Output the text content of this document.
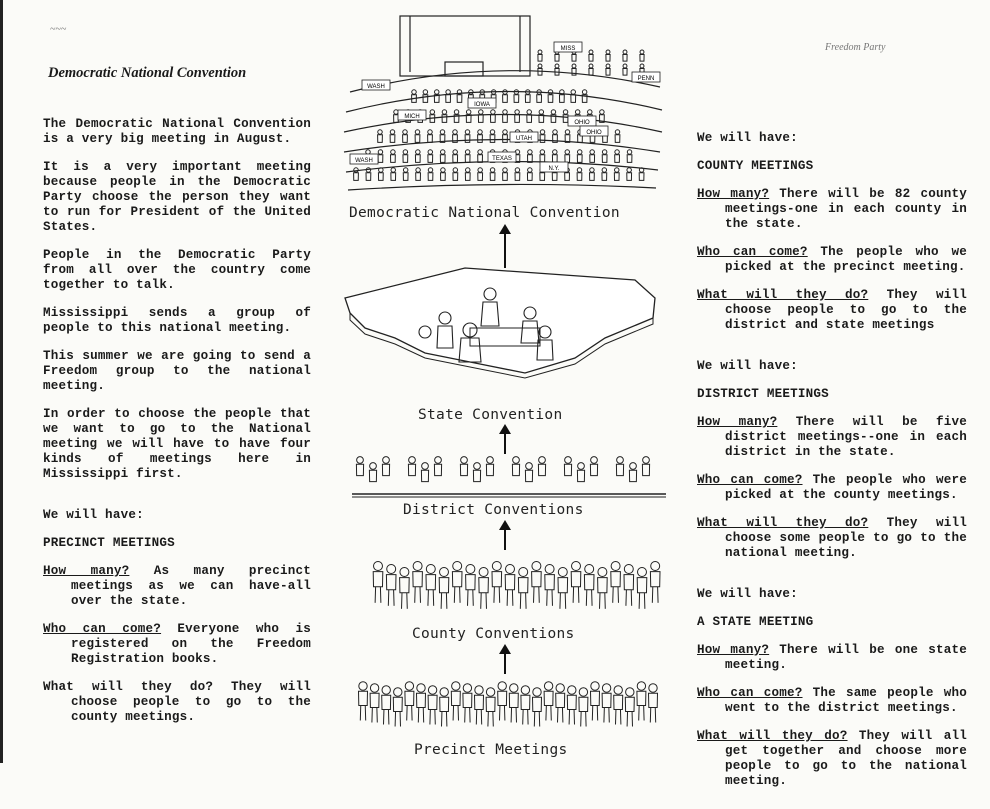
~~~
Freedom Party
Democratic National Convention

The Democratic National Convention is a very big meeting in August.

It is a very important meeting because people in the Democratic Party choose the person they want to run for President of the United States.

People in the Democratic Party from all over the country come together to talk.

Mississippi sends a group of people to this national meeting.

This summer we are going to send a Freedom group to the national meeting.

In order to choose the people that we want to go to the National meeting we will have to have four kinds of meetings here in Mississippi first.

We will have:

PRECINCT MEETINGS

How many? As many precinct meetings as we can have-all over the state.

Who can come? Everyone who is registered on the Freedom Registration books.

What will they do? They will choose people to go to the county meetings.

WASH
MICH
IOWA
UTAH
OHIO
OHIO
WASH
N.Y.
PENN
TEXAS
MISS
Democratic National Convention
State Convention
District Conventions
County Conventions
Precinct Meetings

We will have:

COUNTY MEETINGS

How many? There will be 82 county meetings-one in each county in the state.

Who can come? The people who we picked at the precinct meeting.

What will they do? They will choose people to go to the district and state meetings

We will have:

DISTRICT MEETINGS

How many? There will be five district meetings--one in each district in the state.

Who can come? The people who were picked at the county meetings.

What will they do? They will choose some people to go to the national meeting.

We will have:

A STATE MEETING

How many? There will be one state meeting.

Who can come? The same people who went to the district meetings.

What will they do? They will all get together and choose more people to go to the national meeting.
